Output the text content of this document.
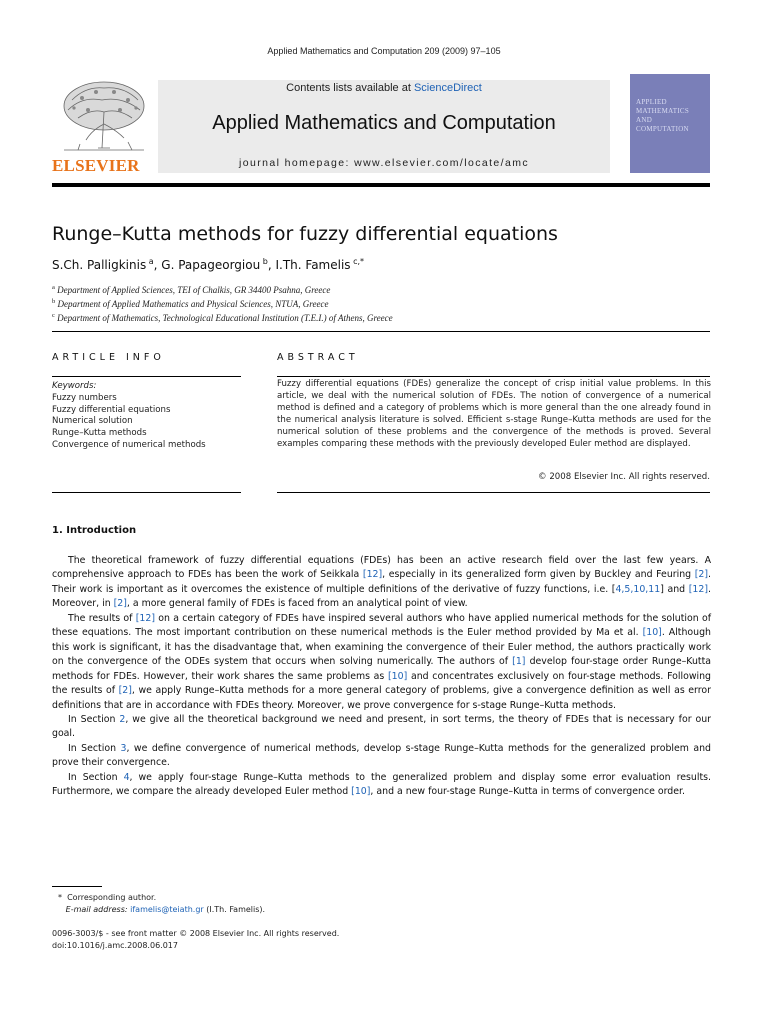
Applied Mathematics and Computation 209 (2009) 97–105
ELSEVIER
Contents lists available at ScienceDirect
Applied Mathematics and Computation
journal homepage: www.elsevier.com/locate/amc
APPLIED
MATHEMATICS
AND
COMPUTATION
Runge–Kutta methods for fuzzy differential equations
S.Ch. Palligkinis $^a$, G. Papageorgiou $^b$, I.Th. Famelis $^{c,*}$
$^a$ Department of Applied Sciences, TEI of Chalkis, GR 34400 Psahna, Greece
$^b$ Department of Applied Mathematics and Physical Sciences, NTUA, Greece
$^c$ Department of Mathematics, Technological Educational Institution (T.E.I.) of Athens, Greece
ARTICLE INFO	ABSTRACT
Keywords:
Fuzzy numbers
Fuzzy differential equations
Numerical solution
Runge–Kutta methods
Convergence of numerical methods
Fuzzy differential equations (FDEs) generalize the concept of crisp initial value problems. In this article, we deal with the numerical solution of FDEs. The notion of convergence of a numerical method is defined and a category of problems which is more general than the one already found in the numerical analysis literature is solved. Efficient s-stage Runge–Kutta methods are used for the numerical solution of these problems and the convergence of the methods is proved. Several examples comparing these methods with the previously developed Euler method are displayed.
© 2008 Elsevier Inc. All rights reserved.
1. Introduction

The theoretical framework of fuzzy differential equations (FDEs) has been an active research field over the last few years. A comprehensive approach to FDEs has been the work of Seikkala [12], especially in its generalized form given by Buckley and Feuring [2]. Their work is important as it overcomes the existence of multiple definitions of the derivative of fuzzy functions, i.e. [4,5,10,11] and [12]. Moreover, in [2], a more general family of FDEs is faced from an analytical point of view.

The results of [12] on a certain category of FDEs have inspired several authors who have applied numerical methods for the solution of these equations. The most important contribution on these numerical methods is the Euler method provided by Ma et al. [10]. Although this work is significant, it has the disadvantage that, when examining the convergence of their Euler method, the authors practically work on the convergence of the ODEs system that occurs when solving numerically. The authors of [1] develop four-stage order Runge–Kutta methods for FDEs. However, their work shares the same problems as [10] and concentrates exclusively on four-stage methods. Following the results of [2], we apply Runge–Kutta methods for a more general category of problems, give a convergence definition as well as error definitions that are in accordance with FDEs theory. Moreover, we prove convergence for s-stage Runge–Kutta methods.

In Section 2, we give all the theoretical background we need and present, in sort terms, the theory of FDEs that is necessary for our goal.

In Section 3, we define convergence of numerical methods, develop s-stage Runge–Kutta methods for the generalized problem and prove their convergence.

In Section 4, we apply four-stage Runge–Kutta methods to the generalized problem and display some error evaluation results. Furthermore, we compare the already developed Euler method [10], and a new four-stage Runge–Kutta in terms of convergence order.

* Corresponding author.
E-mail address: ifamelis@teiath.gr (I.Th. Famelis).
0096-3003/$ - see front matter © 2008 Elsevier Inc. All rights reserved.
doi:10.1016/j.amc.2008.06.017
